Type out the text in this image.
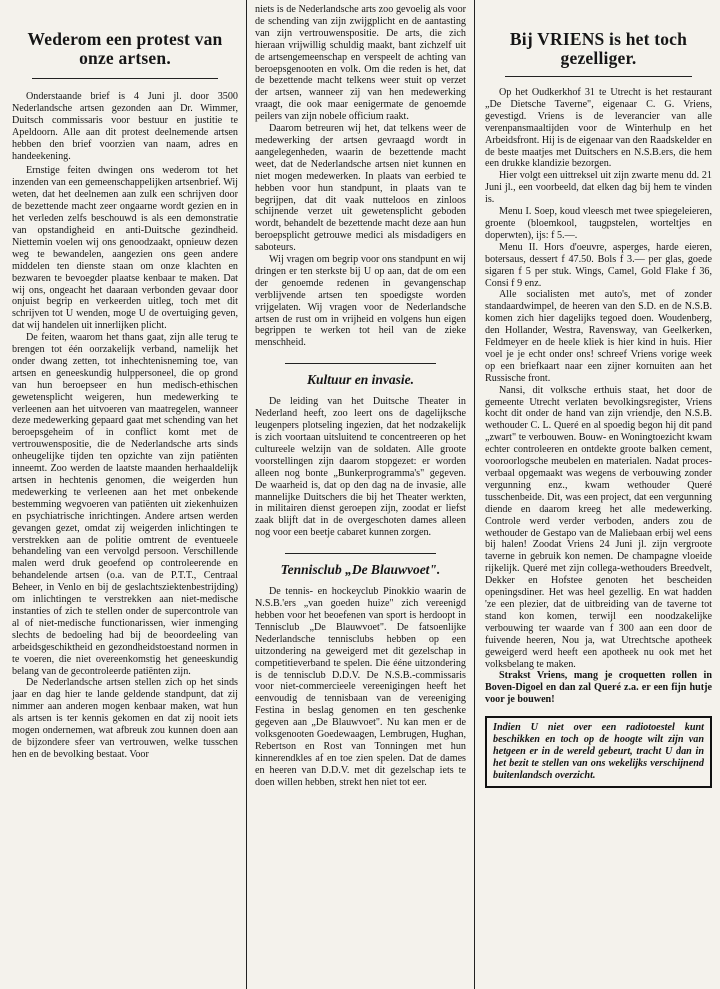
Wederom een protest van onze artsen.

Onderstaande brief is 4 Juni jl. door 3500 Nederlandsche artsen gezonden aan Dr. Wimmer, Duitsch commissaris voor bestuur en justitie te Apeldoorn. Alle aan dit protest deelnemende artsen hebben den brief voorzien van naam, adres en handeekening.

Ernstige feiten dwingen ons wederom tot het inzenden van een gemeenschappelijken artsenbrief. Wij weten, dat het deelnemen aan zulk een schrijven door de bezettende macht zeer ongaarne wordt gezien en in het verleden zelfs beschouwd is als een demonstratie van opstandigheid en anti-Duitsche gezindheid. Niettemin voelen wij ons genoodzaakt, opnieuw dezen weg te bewandelen, aangezien ons geen andere middelen ten dienste staan om onze klachten en bezwaren te bevoegder plaatse kenbaar te maken. Dat wij ons, ongeacht het daaraan verbonden gevaar door onjuist begrip en verkeerden uitleg, toch met dit schrijven tot U wenden, moge U de overtuiging geven, dat wij handelen uit innerlijken plicht.

De feiten, waarom het thans gaat, zijn alle terug te brengen tot één oorzakelijk verband, namelijk het onder dwang zetten, tot inhechtenisneming toe, van artsen en geneeskundig hulppersoneel, die op grond van hun beroepseer en hun medisch-ethischen gewetensplicht weigeren, hun medewerking te verleenen aan het uitvoeren van maatregelen, wanneer deze medewerking gepaard gaat met schending van het beroepsgeheim of in conflict komt met de vertrouwenspositie, die de Nederlandsche arts sinds onheugelijke tijden ten opzichte van zijn patiënten inneemt. Zoo werden de laatste maanden herhaaldelijk artsen in hechtenis genomen, die weigerden hun medewerking te verleenen aan het met onbekende bestemming wegvoeren van patiënten uit ziekenhuizen en psychiatrische inrichtingen. Andere artsen werden gevangen gezet, omdat zij weigerden inlichtingen te verstrekken aan de politie omtrent de eventueele behandeling van een vervolgd persoon. Verschillende malen werd druk geoefend op controleerende en behandelende artsen (o.a. van de P.T.T., Centraal Beheer, in Venlo en bij de geslachtsziektenbestrijding) om inlichtingen te verstrekken aan niet-medische instanties of zich te stellen onder de supercontrole van al of niet-medische functionarissen, wier inmenging slechts de bedoeling had bij de beoordeeling van arbeidsgeschiktheid en gezondheidstoestand normen in te voeren, die niet overeenkomstig het geneeskundig belang van de gecontroleerde patiënten zijn.

De Nederlandsche artsen stellen zich op het sinds jaar en dag hier te lande geldende standpunt, dat zij nimmer aan anderen mogen kenbaar maken, wat hun als artsen is ter kennis gekomen en dat zij nooit iets mogen ondernemen, wat afbreuk zou kunnen doen aan de bijzondere sfeer van vertrouwen, welke tusschen hen en de bevolking bestaat. Voor

niets is de Nederlandsche arts zoo gevoelig als voor de schending van zijn zwijgplicht en de aantasting van zijn vertrouwenspositie. De arts, die zich hieraan vrijwillig schuldig maakt, bant zichzelf uit de artsengemeenschap en verspeelt de achting van beroepsgenooten en volk. Om die reden is het, dat de bezettende macht telkens weer stuit op verzet der artsen, wanneer zij van hen medewerking vraagt, die ook maar eenigermate de genoemde peilers van zijn nobele officium raakt.

Daarom betreuren wij het, dat telkens weer de medewerking der artsen gevraagd wordt in aangelegenheden, waarin de bezettende macht weet, dat de Nederlandsche artsen niet kunnen en niet mogen medewerken. In plaats van eerbied te hebben voor hun standpunt, in plaats van te begrijpen, dat dit vaak nutteloos en zinloos schijnende verzet uit gewetensplicht geboden wordt, behandelt de bezettende macht deze aan hun beroepsplicht getrouwe medici als misdadigers en saboteurs.

Wij vragen om begrip voor ons standpunt en wij dringen er ten sterkste bij U op aan, dat de om een der genoemde redenen in gevangenschap verblijvende artsen ten spoedigste worden vrijgelaten. Wij vragen voor de Nederlandsche artsen de rust om in vrijheid en volgens hun eigen begrippen te werken tot heil van de zieke menschheid.

Kultuur en invasie.

De leiding van het Duitsche Theater in Nederland heeft, zoo leert ons de dagelijksche leugenpers plotseling ingezien, dat het nodzakelijk is zich voortaan uitsluitend te concentreeren op het cultureele welzijn van de soldaten. Alle groote voorstellingen zijn daarom stopgezet: er worden alleen nog bonte „Bunkerprogramma's" gegeven. De waarheid is, dat op den dag na de invasie, alle mannelijke Duitschers die bij het Theater werkten, in militairen dienst geroepen zijn, zoodat er liefst zaak blijft dat in de overgeschoten dames alleen nog voor een beetje cabaret kunnen zorgen.

Tennisclub „De Blauwvoet".

De tennis- en hockeyclub Pinokkio waarin de N.S.B.'ers „van goeden huize" zich vereenigd hebben voor het beoefenen van sport is herdoopt in Tennisclub „De Blauwvoet". De fatsoenlijke Nederlandsche tennisclubs hebben op een uitzondering na geweigerd met dit gezelschap in competitieverband te spelen. Die ééne uitzondering is de tennisclub D.D.V. De N.S.B.-commissaris voor niet-commercieele vereenigingen heeft het eenvoudig de tennisbaan van de vereeniging Festina in beslag genomen en ten geschenke gegeven aan „De Blauwvoet". Nu kan men er de volksgenooten Goedewaagen, Lembrugen, Hughan, Rebertson en Rost van Tonningen met hun kinnerendkles af en toe zien spelen. Dat de dames en heeren van D.D.V. met dit gezelschap iets te doen willen hebben, strekt hen niet tot eer.

Bij VRIENS is het toch gezelliger.

Op het Oudkerkhof 31 te Utrecht is het restaurant „De Dietsche Taverne", eigenaar C. G. Vriens, gevestigd. Vriens is de leverancier van alle verenpansmaaltijden voor de Winterhulp en het Arbeidsfront. Hij is de eigenaar van den Raadskelder en de beste maatjes met Duitschers en N.S.B.ers, die hem een drukke klandizie bezorgen.

Hier volgt een uittreksel uit zijn zwarte menu dd. 21 Juni jl., een voorbeeld, dat elken dag bij hem te vinden is.

Menu I. Soep, koud vleesch met twee spiegeleieren, groente (bloemkool, taugpstelen, worteltjes en doperwten), ijs: f 5.—.

Menu II. Hors d'oeuvre, asperges, harde eieren, botersaus, dessert f 47.50. Bols f 3.— per glas, goede sigaren f 5 per stuk. Wings, Camel, Gold Flake f 36, Consi f 9 enz.

Alle socialisten met auto's, met of zonder standaardwimpel, de heeren van den S.D. en de N.S.B. komen zich hier dagelijks tegoed doen. Woudenberg, den Hollander, Westra, Ravensway, van Geelkerken, Feldmeyer en de heele kliek is hier kind in huis. Hier voel je je echt onder ons! schreef Vriens vorige week op een briefkaart naar een zijner kornuiten aan het Russische front.

Nansi, dit volksche erthuis staat, het door de gemeente Utrecht verlaten bevolkingsregister, Vriens kocht dit onder de hand van zijn vriendje, den N.S.B. wethouder C. L. Queré en al spoedig begon hij dit pand „zwart" te verbouwen. Bouw- en Woningtoezicht kwam echter controleeren en ontdekte groote balken cement, vooroorlogsche meubelen en materialen. Nadat proces-verbaal opgemaakt was wegens de verbouwing zonder vergunning enz., kwam wethouder Queré tusschenbeide. Dit, was een project, dat een vergunning diende en daarom kreeg het alle medewerking. Controle werd verder verboden, anders zou de wethouder de Gestapo van de Maliebaan erbij wel eens bij halen! Zoodat Vriens 24 Juni jl. zijn vergroote taverne in gebruik kon nemen. De champagne vloeide rijkelijk. Queré met zijn collega-wethouders Breedvelt, Dekker en Hofstee genoten het bescheiden openingsdiner. Het was heel gezellig. En wat hadden 'ze een plezier, dat de uitbreiding van de taverne tot stand kon komen, terwijl een noodzakelijke verbouwing ter waarde van f 300 aan een door de fuivende heeren, Nou ja, wat Utrechtsche apotheek geweigerd werd heeft een apotheek nu ook met het volksbelang te maken.

Strakst Vriens, mang je croquetten rollen in Boven-Digoel en dan zal Queré z.a. er een fijn hutje voor je bouwen!

Indien U niet over een radiotoestel kunt beschikken en toch op de hoogte wilt zijn van hetgeen er in de wereld gebeurt, tracht U dan in het bezit te stellen van ons wekelijks verschijnend buitenlandsch overzicht.
